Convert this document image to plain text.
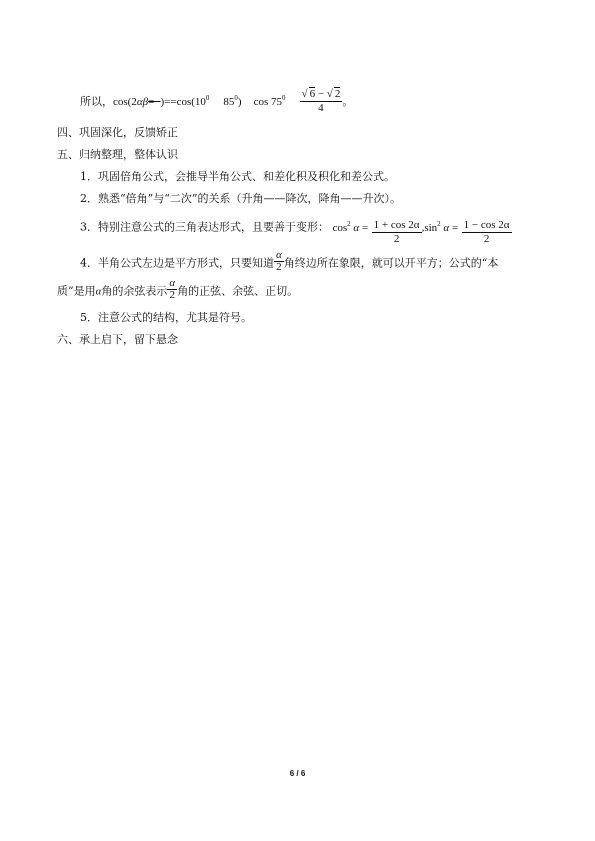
所以，$\cos(2\alpha\beta=-)==\cos(10^0$ $85^0$) $\cos 75^0 \frac{√ 6 - √ 2}{4}$ 。
四、巩固深化，反馈矫正
五、归纳整理，整体认识
1．巩固倍角公式，会推导半角公式、和差化积及积化和差公式。
2．熟悉“倍角”与“二次”的关系（升角——降次，降角——升次）。
3．特别注意公式的三角表达形式，且要善于变形： $\cos^2 \alpha = \frac{1 + \cos 2\alpha}{2} ,\sin^2$ $\alpha = \frac{1 - \cos 2\alpha}{2}$
4．半角公式左边是平方形式，只要知道 $\frac{\alpha}{2}$ 角终边所在象限，就可以开平方；公式的“本
质”是用α角的余弦表示 $\frac{\alpha}{2}$ 角的正弦、余弦、正切。
5．注意公式的结构，尤其是符号。
六、承上启下，留下悬念
6 / 6
